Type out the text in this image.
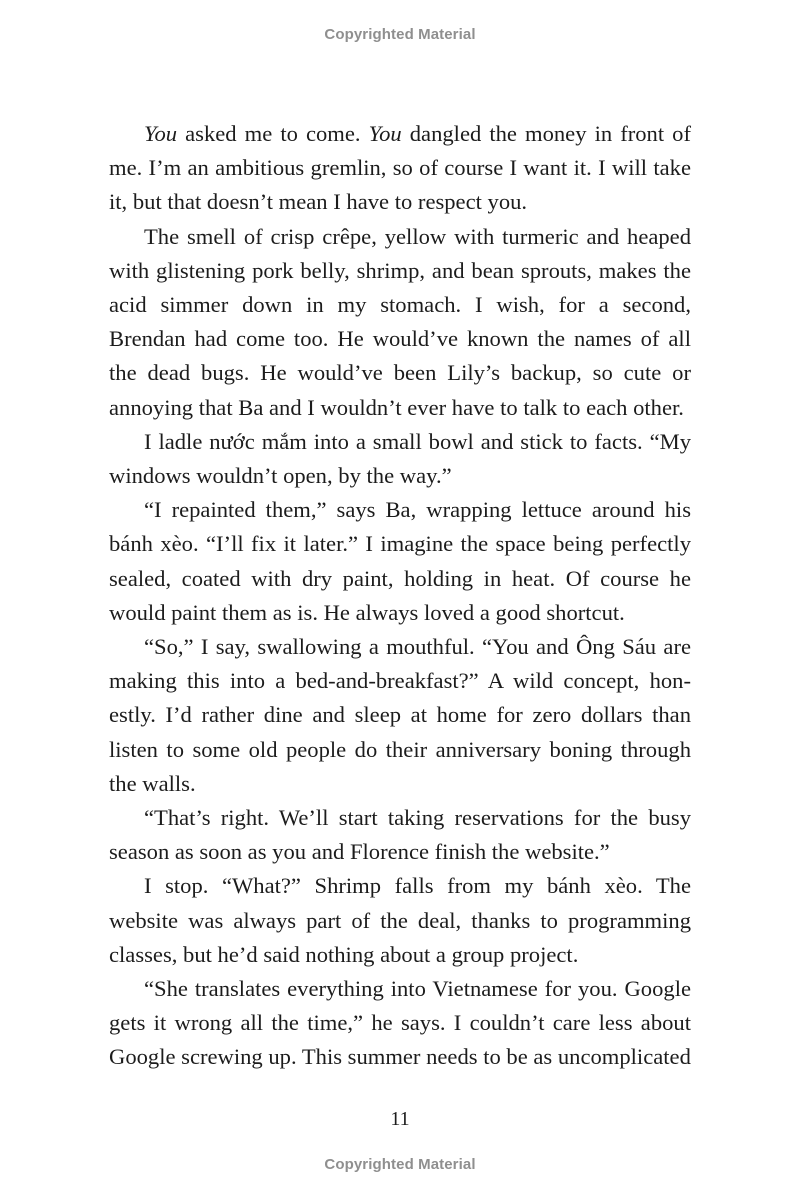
Copyrighted Material

You asked me to come. You dangled the money in front of me. I’m an ambitious gremlin, so of course I want it. I will take it, but that doesn’t mean I have to respect you.

The smell of crisp crêpe, yellow with turmeric and heaped with glistening pork belly, shrimp, and bean sprouts, makes the acid simmer down in my stomach. I wish, for a second, Brendan had come too. He would’ve known the names of all the dead bugs. He would’ve been Lily’s backup, so cute or annoying that Ba and I wouldn’t ever have to talk to each other.

I ladle nước mắm into a small bowl and stick to facts. “My windows wouldn’t open, by the way.”

“I repainted them,” says Ba, wrapping lettuce around his bánh xèo. “I’ll fix it later.” I imagine the space being perfectly sealed, coated with dry paint, holding in heat. Of course he would paint them as is. He always loved a good shortcut.

“So,” I say, swallowing a mouthful. “You and Ông Sáu are making this into a bed-and-breakfast?” A wild concept, honestly. I’d rather dine and sleep at home for zero dollars than listen to some old people do their anniversary boning through the walls.

“That’s right. We’ll start taking reservations for the busy season as soon as you and Florence finish the website.”

I stop. “What?” Shrimp falls from my bánh xèo. The website was always part of the deal, thanks to programming classes, but he’d said nothing about a group project.

“She translates everything into Vietnamese for you. Google gets it wrong all the time,” he says. I couldn’t care less about Google screwing up. This summer needs to be as uncomplicated

11
Copyrighted Material
